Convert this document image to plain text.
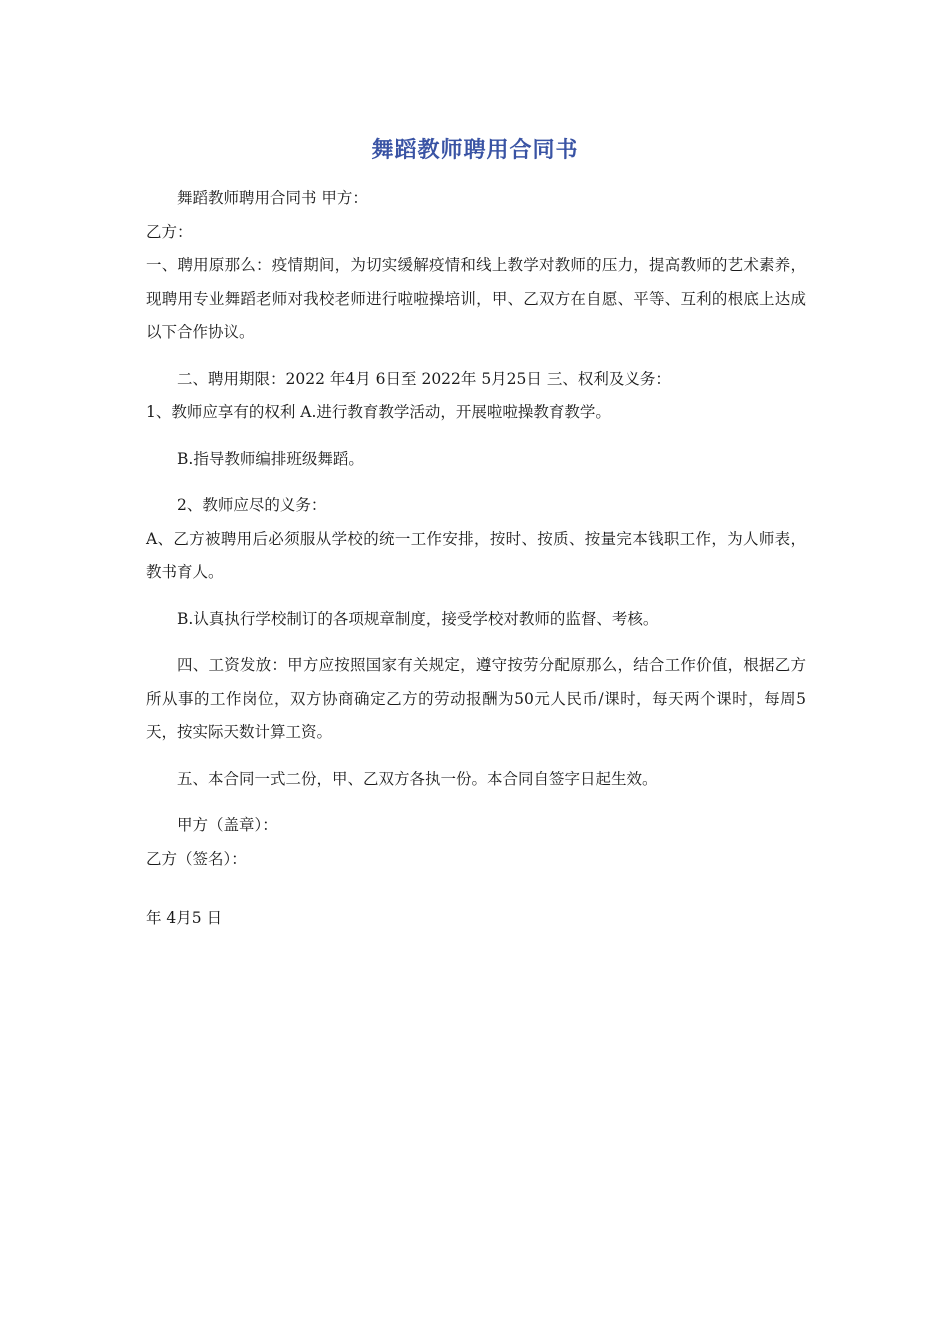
舞蹈教师聘用合同书

舞蹈教师聘用合同书 甲方：

乙方：

一、聘用原那么：疫情期间，为切实缓解疫情和线上教学对教师的压力，提高教师的艺术素养，现聘用专业舞蹈老师对我校老师进行啦啦操培训，甲、乙双方在自愿、平等、互利的根底上达成以下合作协议。

二、聘用期限：2022 年4月 6日至 2022年 5月25日 三、权利及义务：

1、教师应享有的权利 A.进行教育教学活动，开展啦啦操教育教学。

B.指导教师编排班级舞蹈。

2、教师应尽的义务：

A、乙方被聘用后必须服从学校的统一工作安排，按时、按质、按量完本钱职工作，为人师表，教书育人。

B.认真执行学校制订的各项规章制度，接受学校对教师的监督、考核。

四、工资发放：甲方应按照国家有关规定，遵守按劳分配原那么，结合工作价值，根据乙方所从事的工作岗位，双方协商确定乙方的劳动报酬为50元人民币/课时，每天两个课时，每周5天，按实际天数计算工资。

五、本合同一式二份，甲、乙双方各执一份。本合同自签字日起生效。

甲方（盖章）：

乙方（签名）：

年 4月5 日
